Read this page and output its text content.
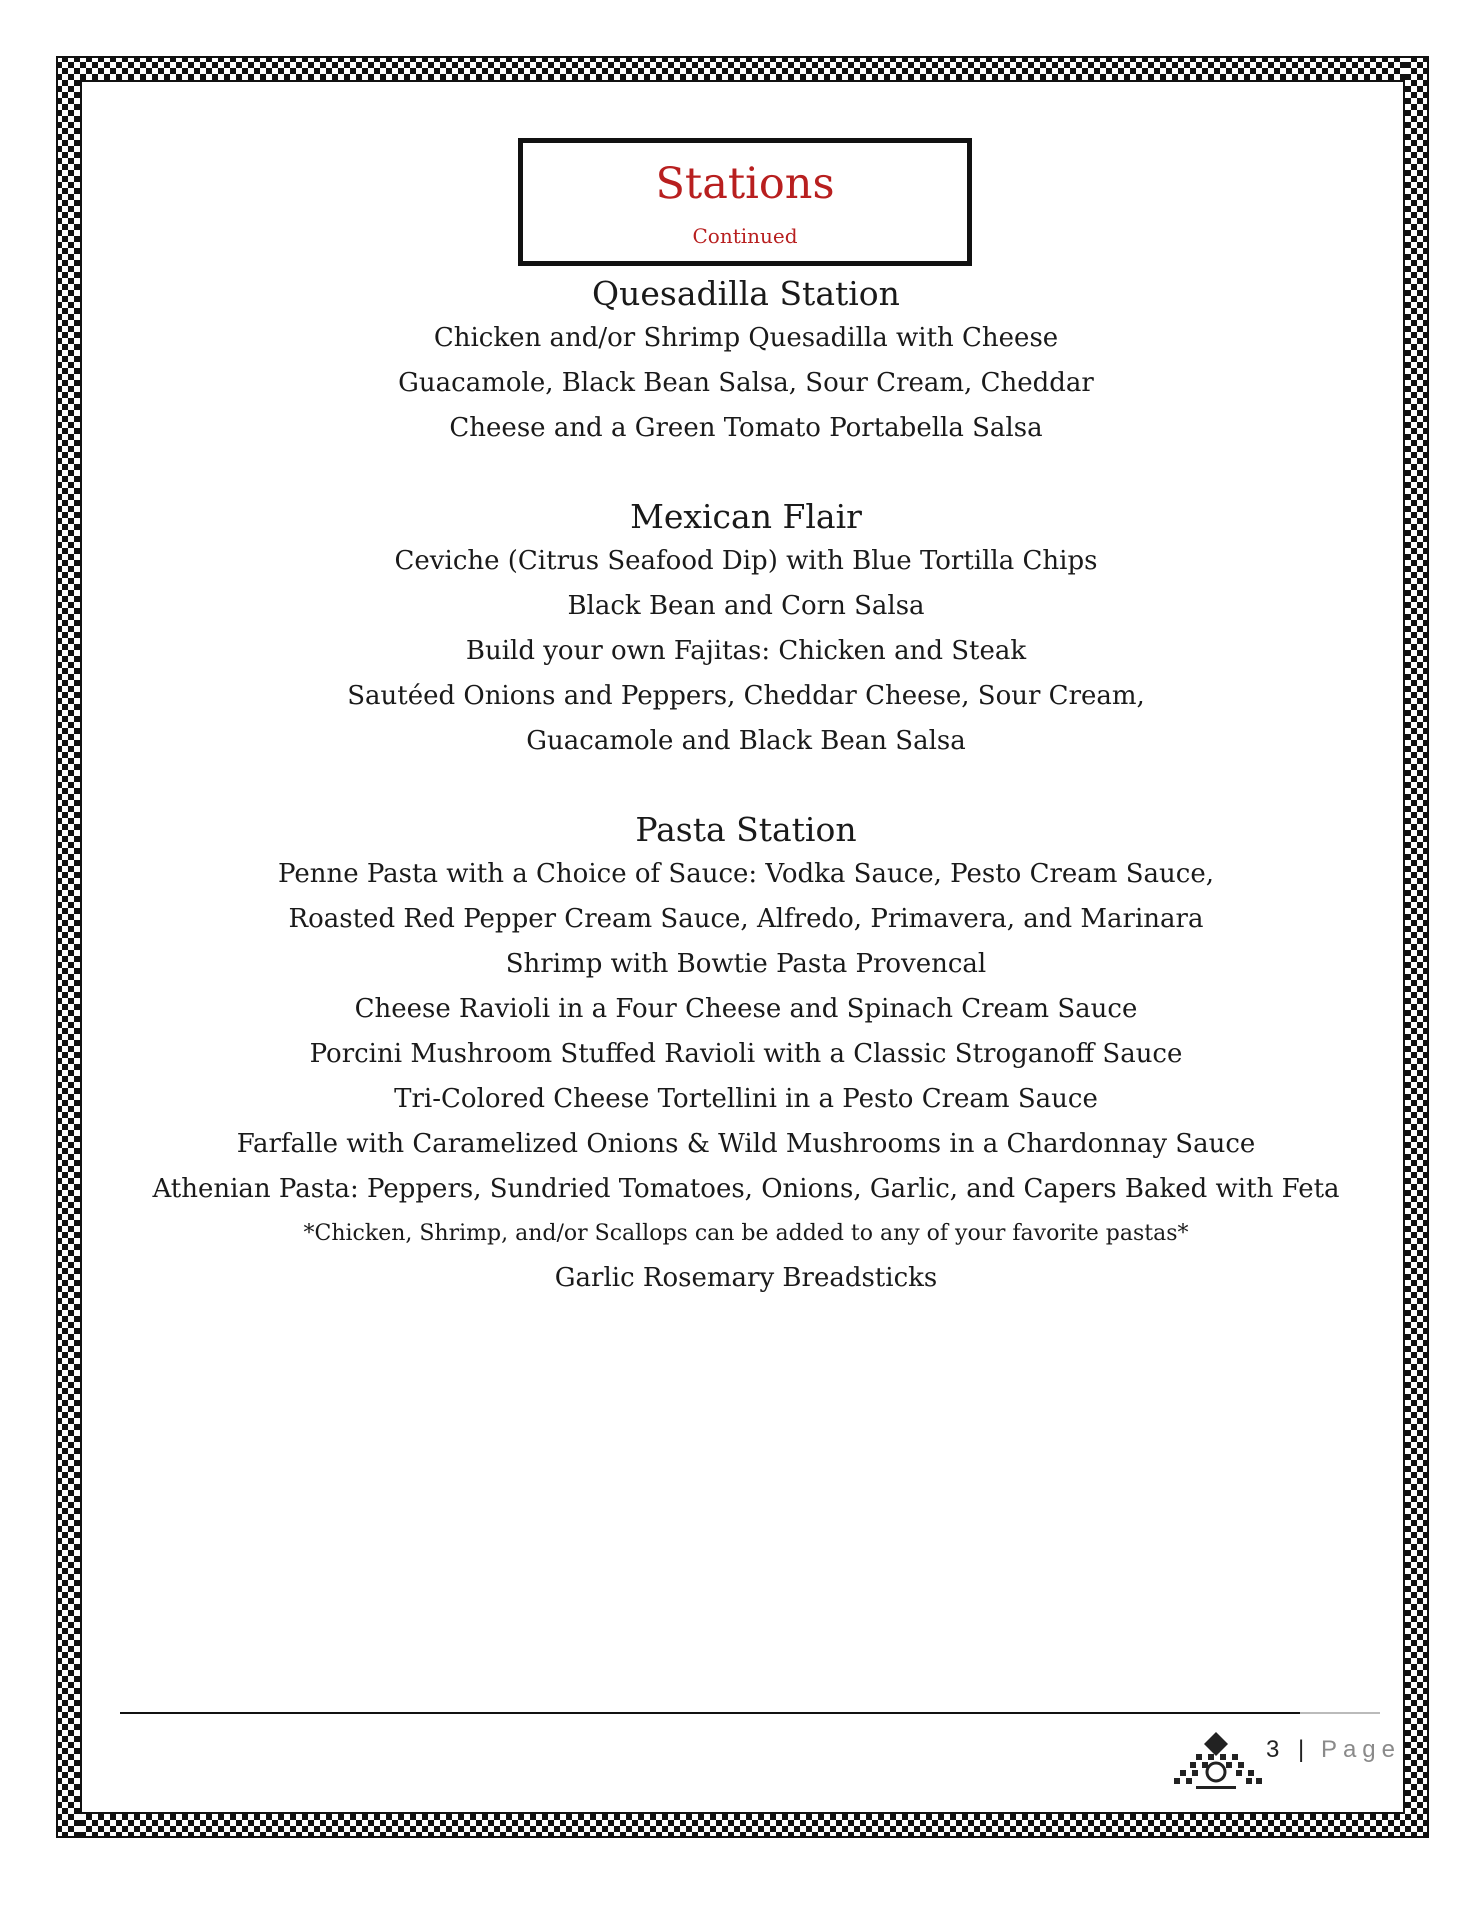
Stations
Continued

Quesadilla Station

Chicken and/or Shrimp Quesadilla with Cheese

Guacamole, Black Bean Salsa, Sour Cream, Cheddar

Cheese and a Green Tomato Portabella Salsa

Mexican Flair

Ceviche (Citrus Seafood Dip) with Blue Tortilla Chips

Black Bean and Corn Salsa

Build your own Fajitas: Chicken and Steak

Sautéed Onions and Peppers, Cheddar Cheese, Sour Cream,

Guacamole and Black Bean Salsa

Pasta Station

Penne Pasta with a Choice of Sauce: Vodka Sauce, Pesto Cream Sauce,

Roasted Red Pepper Cream Sauce, Alfredo, Primavera, and Marinara

Shrimp with Bowtie Pasta Provencal

Cheese Ravioli in a Four Cheese and Spinach Cream Sauce

Porcini Mushroom Stuffed Ravioli with a Classic Stroganoff Sauce

Tri-Colored Cheese Tortellini in a Pesto Cream Sauce

Farfalle with Caramelized Onions & Wild Mushrooms in a Chardonnay Sauce

Athenian Pasta: Peppers, Sundried Tomatoes, Onions, Garlic, and Capers Baked with Feta

*Chicken, Shrimp, and/or Scallops can be added to any of your favorite pastas*

Garlic Rosemary Breadsticks

3 | Page
